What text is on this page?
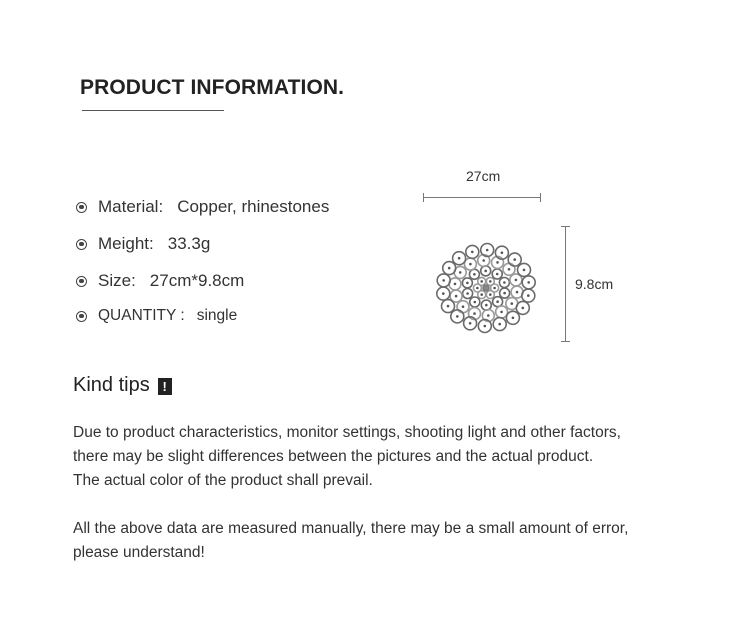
PRODUCT INFORMATION.
Material: Copper, rhinestones
Meight: 33.3g
Size: 27cm*9.8cm
QUANTITY : single
27cm
9.8cm
Kind tips !
Due to product characteristics, monitor settings, shooting light and other factors,
there may be slight differences between the pictures and the actual product.
The actual color of the product shall prevail.
All the above data are measured manually, there may be a small amount of error,
please understand!
